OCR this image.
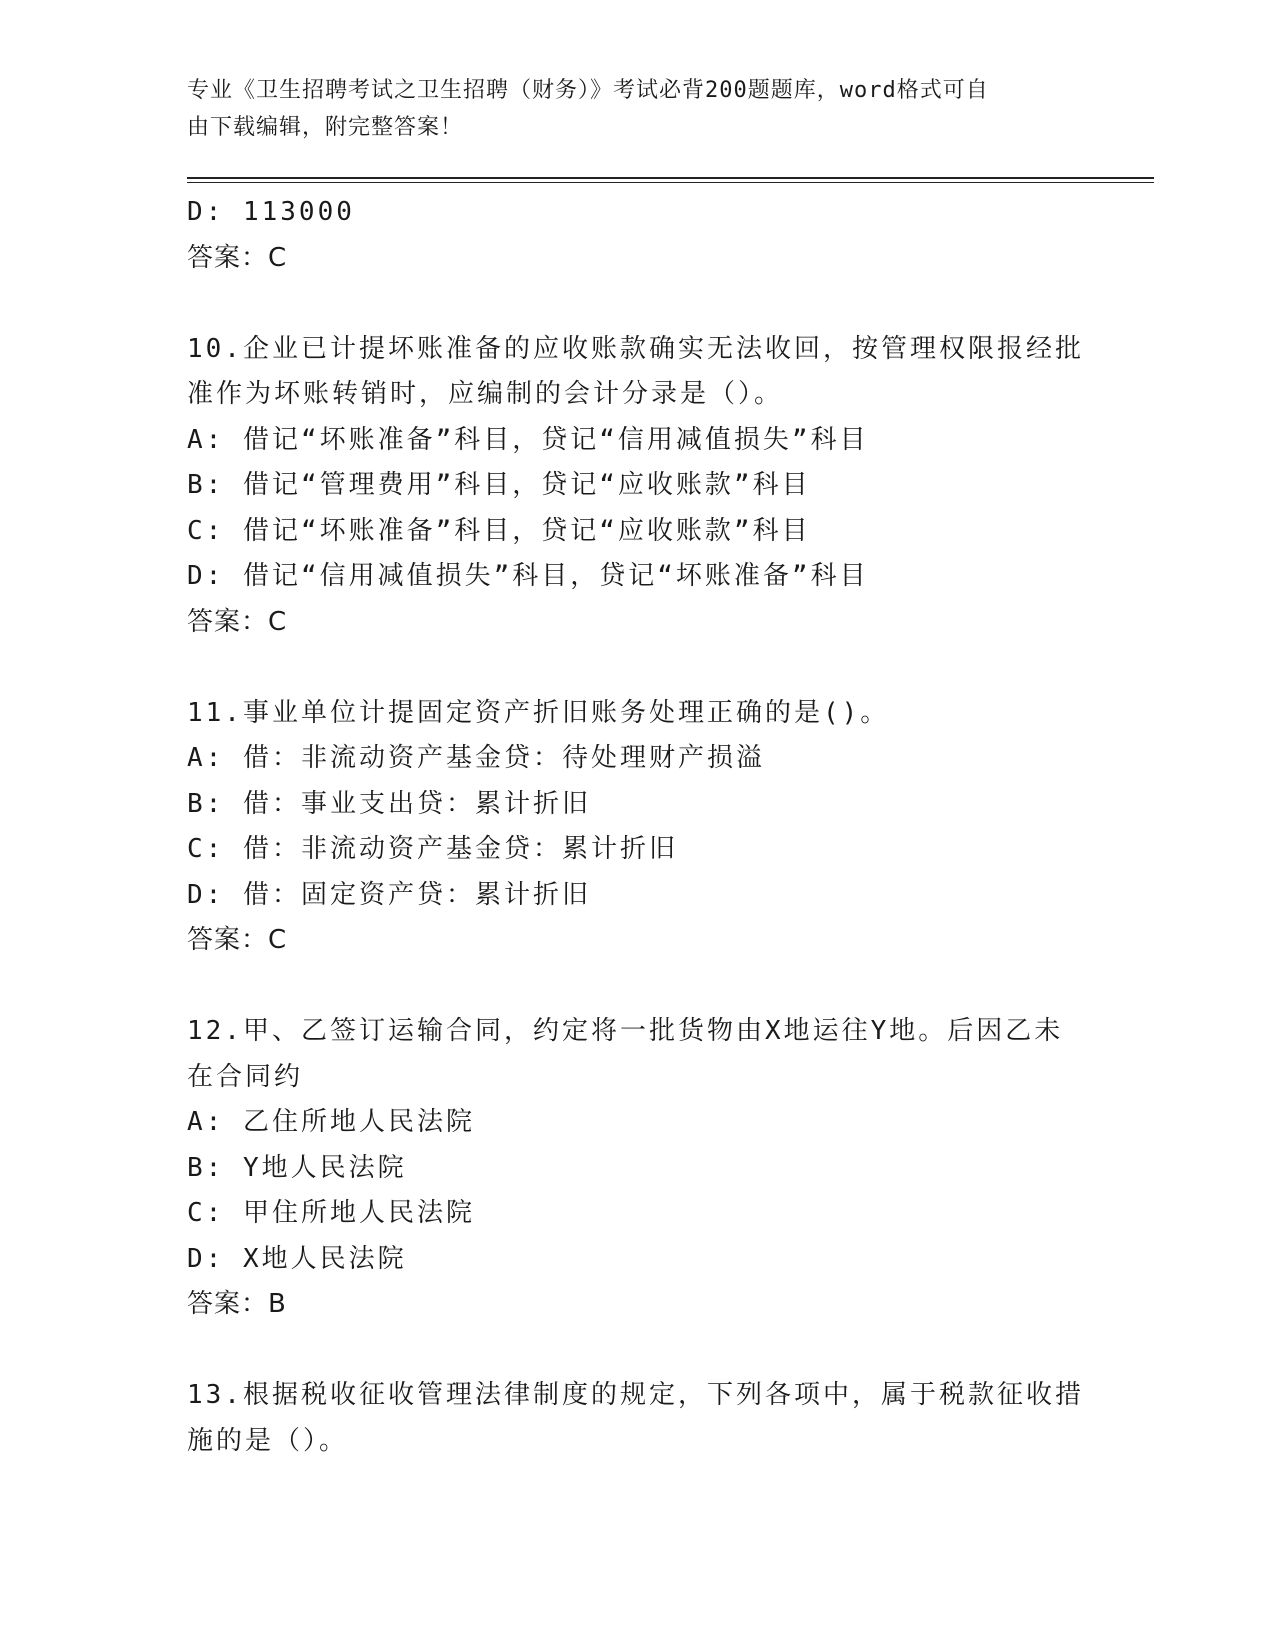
专业《卫生招聘考试之卫生招聘（财务）》考试必背200题题库，word格式可自
由下载编辑，附完整答案！
D: 113000
答案：C
10.企业已计提坏账准备的应收账款确实无法收回，按管理权限报经批
准作为坏账转销时，应编制的会计分录是（）。
A: 借记“坏账准备”科目，贷记“信用减值损失”科目
B: 借记“管理费用”科目，贷记“应收账款”科目
C: 借记“坏账准备”科目，贷记“应收账款”科目
D: 借记“信用减值损失”科目，贷记“坏账准备”科目
答案：C
11.事业单位计提固定资产折旧账务处理正确的是()。
A: 借：非流动资产基金贷：待处理财产损溢
B: 借：事业支出贷：累计折旧
C: 借：非流动资产基金贷：累计折旧
D: 借：固定资产贷：累计折旧
答案：C
12.甲、乙签订运输合同，约定将一批货物由X地运往Y地。后因乙未
在合同约
A: 乙住所地人民法院
B: Y地人民法院
C: 甲住所地人民法院
D: X地人民法院
答案：B
13.根据税收征收管理法律制度的规定，下列各项中，属于税款征收措
施的是（）。
